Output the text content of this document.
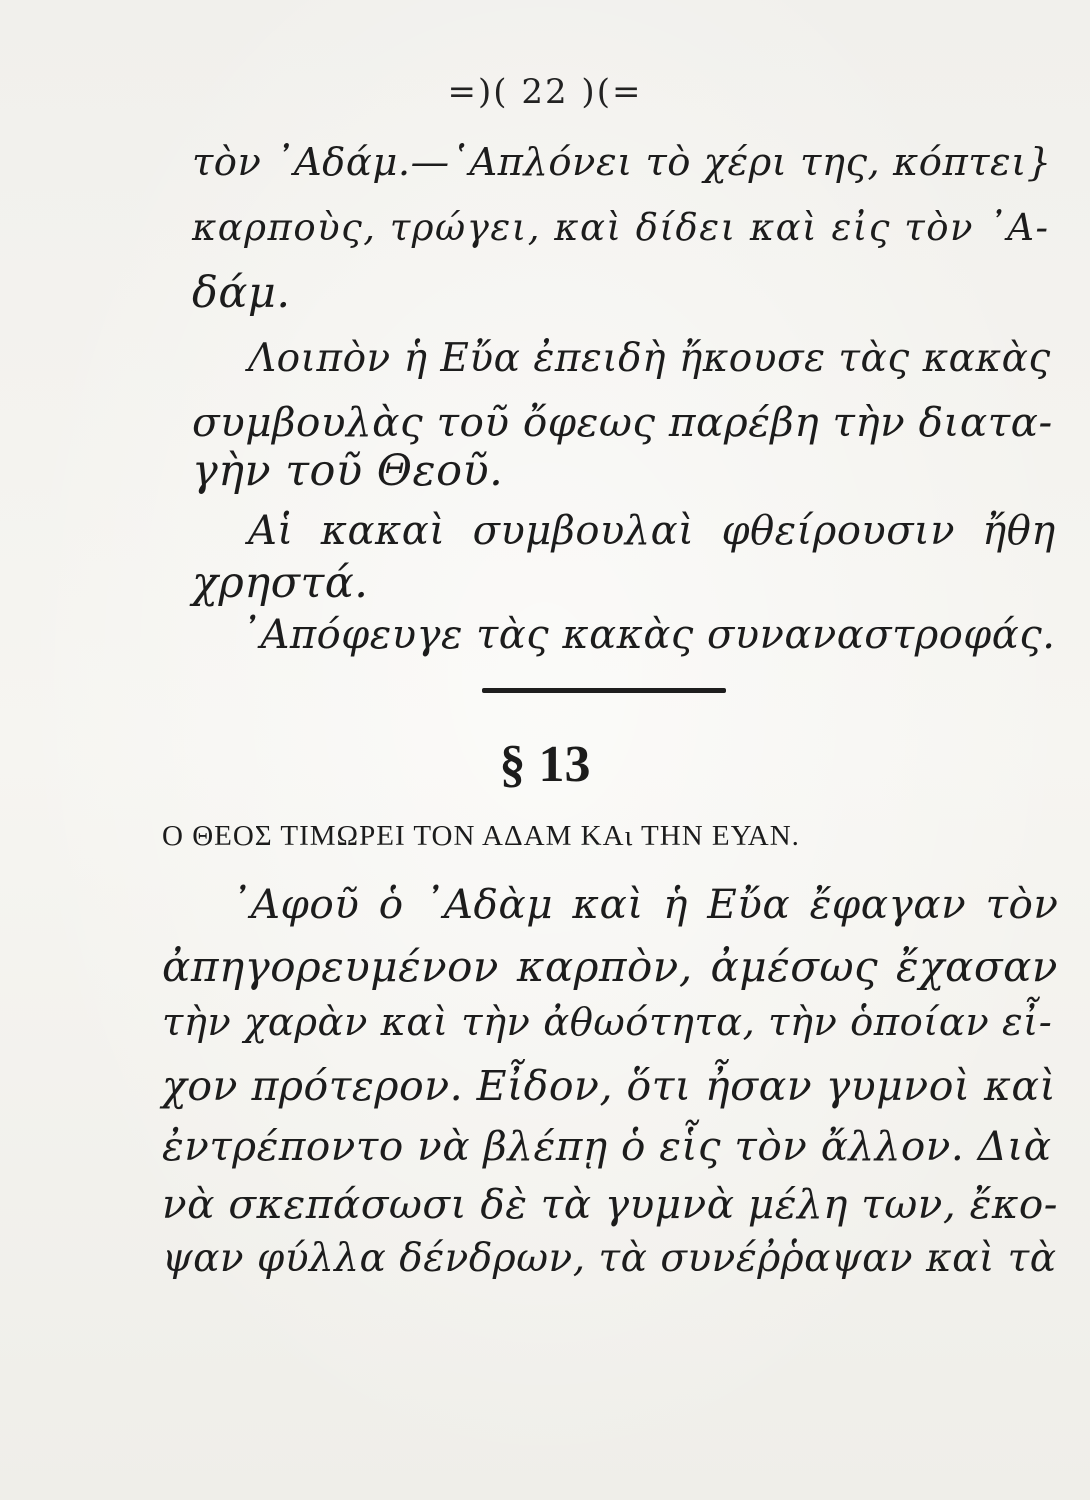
=)( 22 )(=
τὸν ᾿Αδάμ.—῾Απλόνει τὸ χέρι της, κόπτει}
καρποὺς, τρώγει, καὶ δίδει καὶ εἰς τὸν ᾿Α-
δάμ.
Λοιπὸν ἡ Εὔα ἐπειδὴ ἤκουσε τὰς κακὰς
συμβουλὰς τοῦ ὄφεως παρέβη τὴν διατα-
γὴν τοῦ Θεοῦ.
Αἱ κακαὶ συμβουλαὶ φθείρουσιν ἤθη
χρηστά.
᾿Απόφευγε τὰς κακὰς συναναστροφάς.
§ 13
Ο ΘΕΟΣ ΤΙΜΩΡΕΙ ΤΟΝ ΑΔΑΜ ΚΑι ΤΗΝ ΕΥΑΝ.
᾿Αφοῦ ὁ ᾿Αδὰμ καὶ ἡ Εὔα ἔφαγαν τὸν
ἀπηγορευμένον καρπὸν, ἀμέσως ἔχασαν
τὴν χαρὰν καὶ τὴν ἀθωότητα, τὴν ὁποίαν εἶ-
χον πρότερον. Εἶδον, ὅτι ἦσαν γυμνοὶ καὶ
ἐντρέποντο νὰ βλέπῃ ὁ εἷς τὸν ἄλλον. Διὰ
νὰ σκεπάσωσι δὲ τὰ γυμνὰ μέλη των, ἔκο-
ψαν φύλλα δένδρων, τὰ συνέῤῥαψαν καὶ τὰ
